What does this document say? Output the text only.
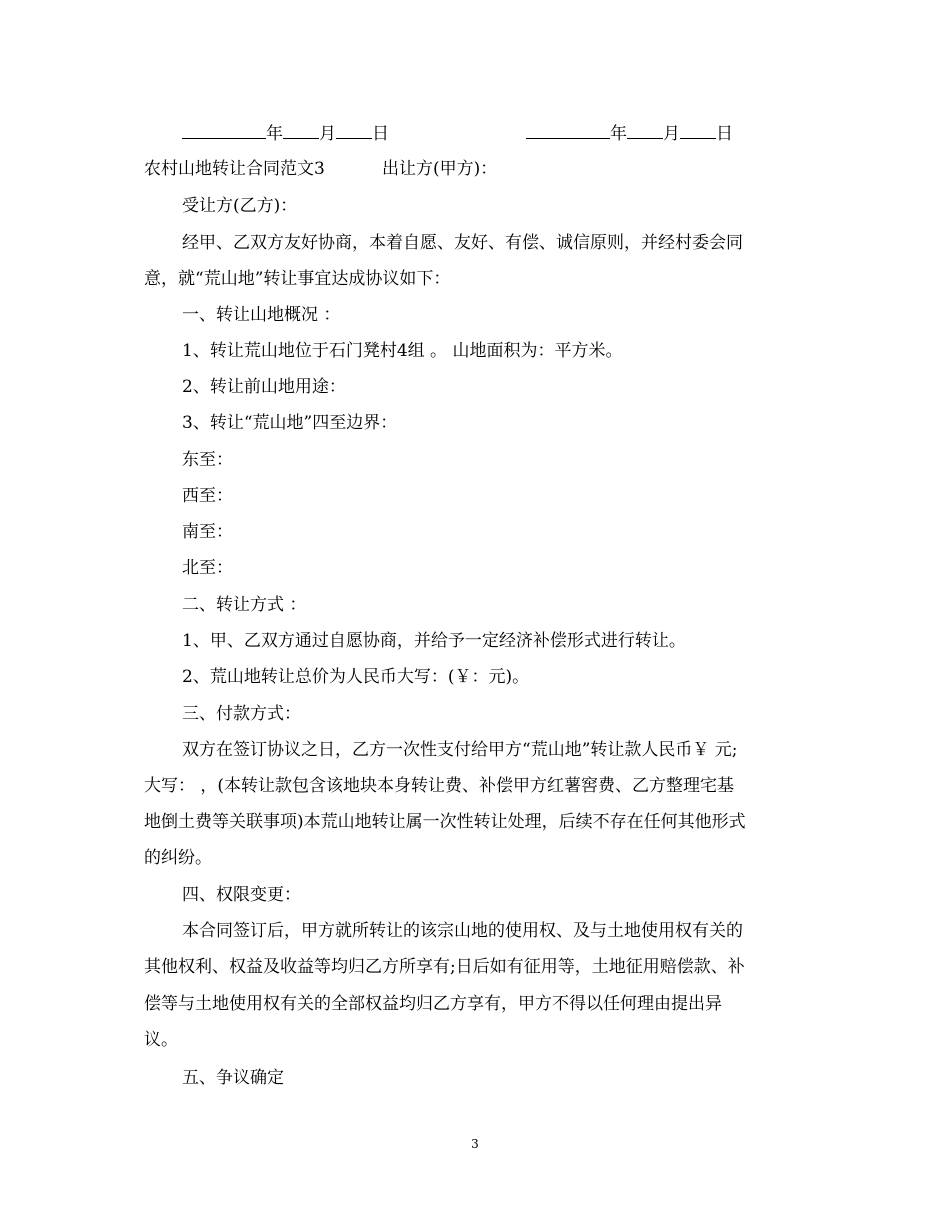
年 月 日	年 月 日
农村山地转让合同范文3	出让方(甲方)：
受让方(乙方)：
经甲、乙双方友好协商，本着自愿、友好、有偿、诚信原则，并经村委会同
意，就“荒山地”转让事宜达成协议如下：
一、转让山地概况 ：
1、转让荒山地位于石门凳村4组 。 山地面积为：平方米。
2、转让前山地用途：
3、转让“荒山地”四至边界：
东至：
西至：
南至：
北至：
二、转让方式 ：
1、甲、乙双方通过自愿协商，并给予一定经济补偿形式进行转让。
2、荒山地转让总价为人民币大写：(￥：元)。
三、付款方式：
双方在签订协议之日，乙方一次性支付给甲方“荒山地”转让款人民币￥ 元;
大写： ，(本转让款包含该地块本身转让费、补偿甲方红薯窖费、乙方整理宅基
地倒土费等关联事项)本荒山地转让属一次性转让处理，后续不存在任何其他形式
的纠纷。
四、权限变更：
本合同签订后，甲方就所转让的该宗山地的使用权、及与土地使用权有关的
其他权利、权益及收益等均归乙方所享有;日后如有征用等，土地征用赔偿款、补
偿等与土地使用权有关的全部权益均归乙方享有，甲方不得以任何理由提出异
议。
五、争议确定
3
